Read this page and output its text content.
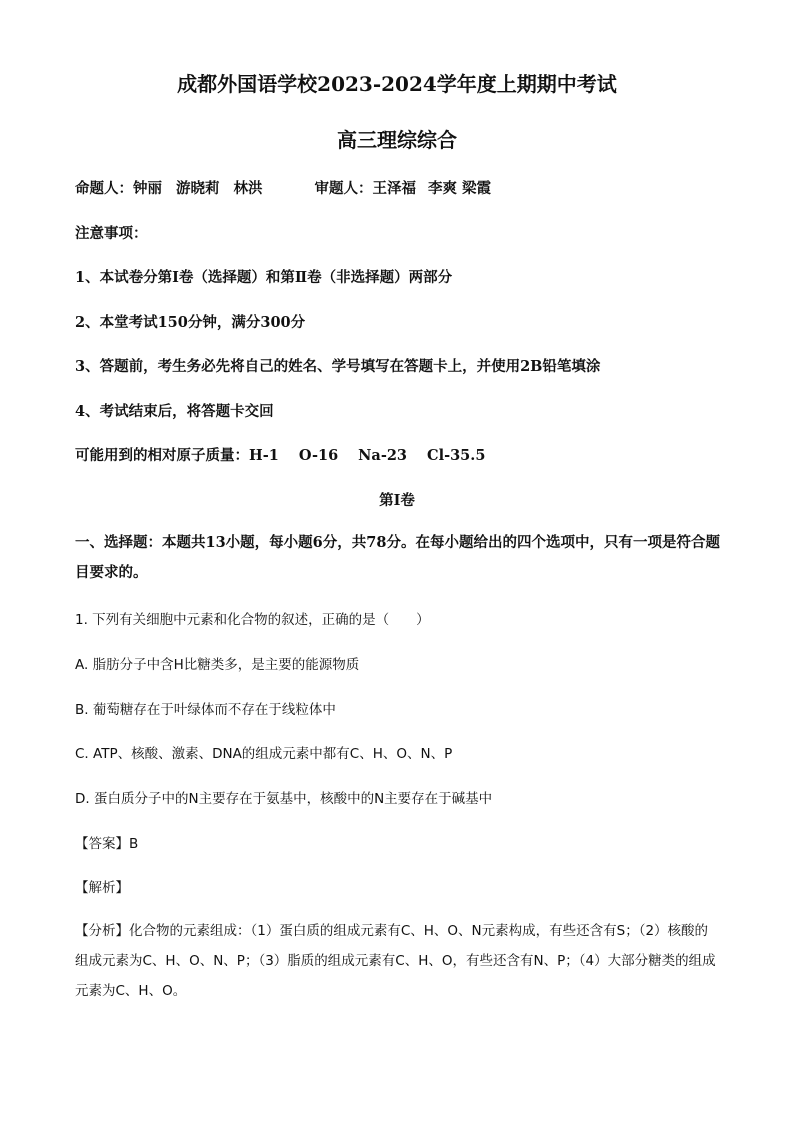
成都外国语学校2023-2024学年度上期期中考试
高三理综综合
命题人：钟丽 游晓莉 林洪	审题人：王泽福 李爽 梁霞
注意事项：
1、本试卷分第Ⅰ卷（选择题）和第Ⅱ卷（非选择题）两部分
2、本堂考试150分钟，满分300分
3、答题前，考生务必先将自己的姓名、学号填写在答题卡上，并使用2B铅笔填涂
4、考试结束后，将答题卡交回
可能用到的相对原子质量：H-1 O-16 Na-23 Cl-35.5
第Ⅰ卷
一、选择题：本题共13小题，每小题6分，共78分。在每小题给出的四个选项中，只有一项是符合题目要求的。
1. 下列有关细胞中元素和化合物的叙述，正确的是（　　）
A. 脂肪分子中含H比糖类多，是主要的能源物质
B. 葡萄糖存在于叶绿体而不存在于线粒体中
C. ATP、核酸、激素、DNA的组成元素中都有C、H、O、N、P
D. 蛋白质分子中的N主要存在于氨基中，核酸中的N主要存在于碱基中
【答案】B
【解析】
【分析】化合物的元素组成：（1）蛋白质的组成元素有C、H、O、N元素构成，有些还含有S；（2）核酸的组成元素为C、H、O、N、P；（3）脂质的组成元素有C、H、O，有些还含有N、P；（4）大部分糖类的组成元素为C、H、O。
